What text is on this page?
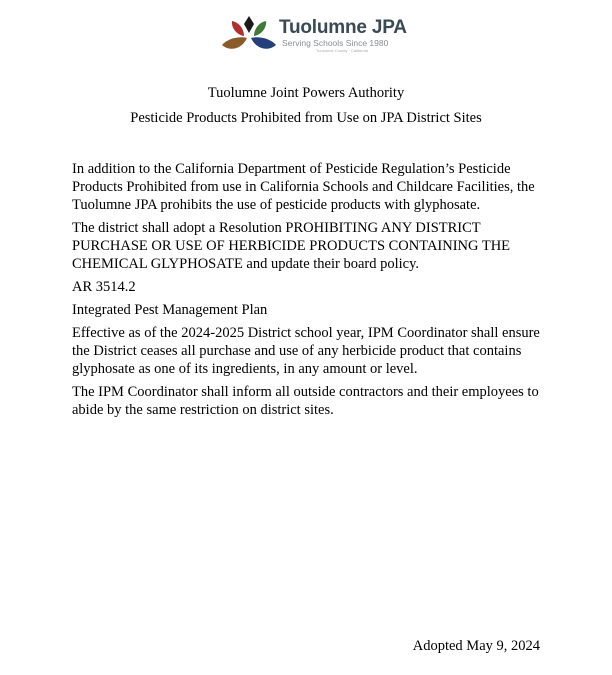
Tuolumne JPA
Serving Schools Since 1980
Tuolumne County · California
Tuolumne Joint Powers Authority
Pesticide Products Prohibited from Use on JPA District Sites

In addition to the California Department of Pesticide Regulation’s Pesticide Products Prohibited from use in California Schools and Childcare Facilities, the Tuolumne JPA prohibits the use of pesticide products with glyphosate.

The district shall adopt a Resolution PROHIBITING ANY DISTRICT PURCHASE OR USE OF HERBICIDE PRODUCTS CONTAINING THE CHEMICAL GLYPHOSATE and update their board policy.

AR 3514.2

Integrated Pest Management Plan

Effective as of the 2024-2025 District school year, IPM Coordinator shall ensure the District ceases all purchase and use of any herbicide product that contains glyphosate as one of its ingredients, in any amount or level.

The IPM Coordinator shall inform all outside contractors and their employees to abide by the same restriction on district sites.

Adopted May 9, 2024
